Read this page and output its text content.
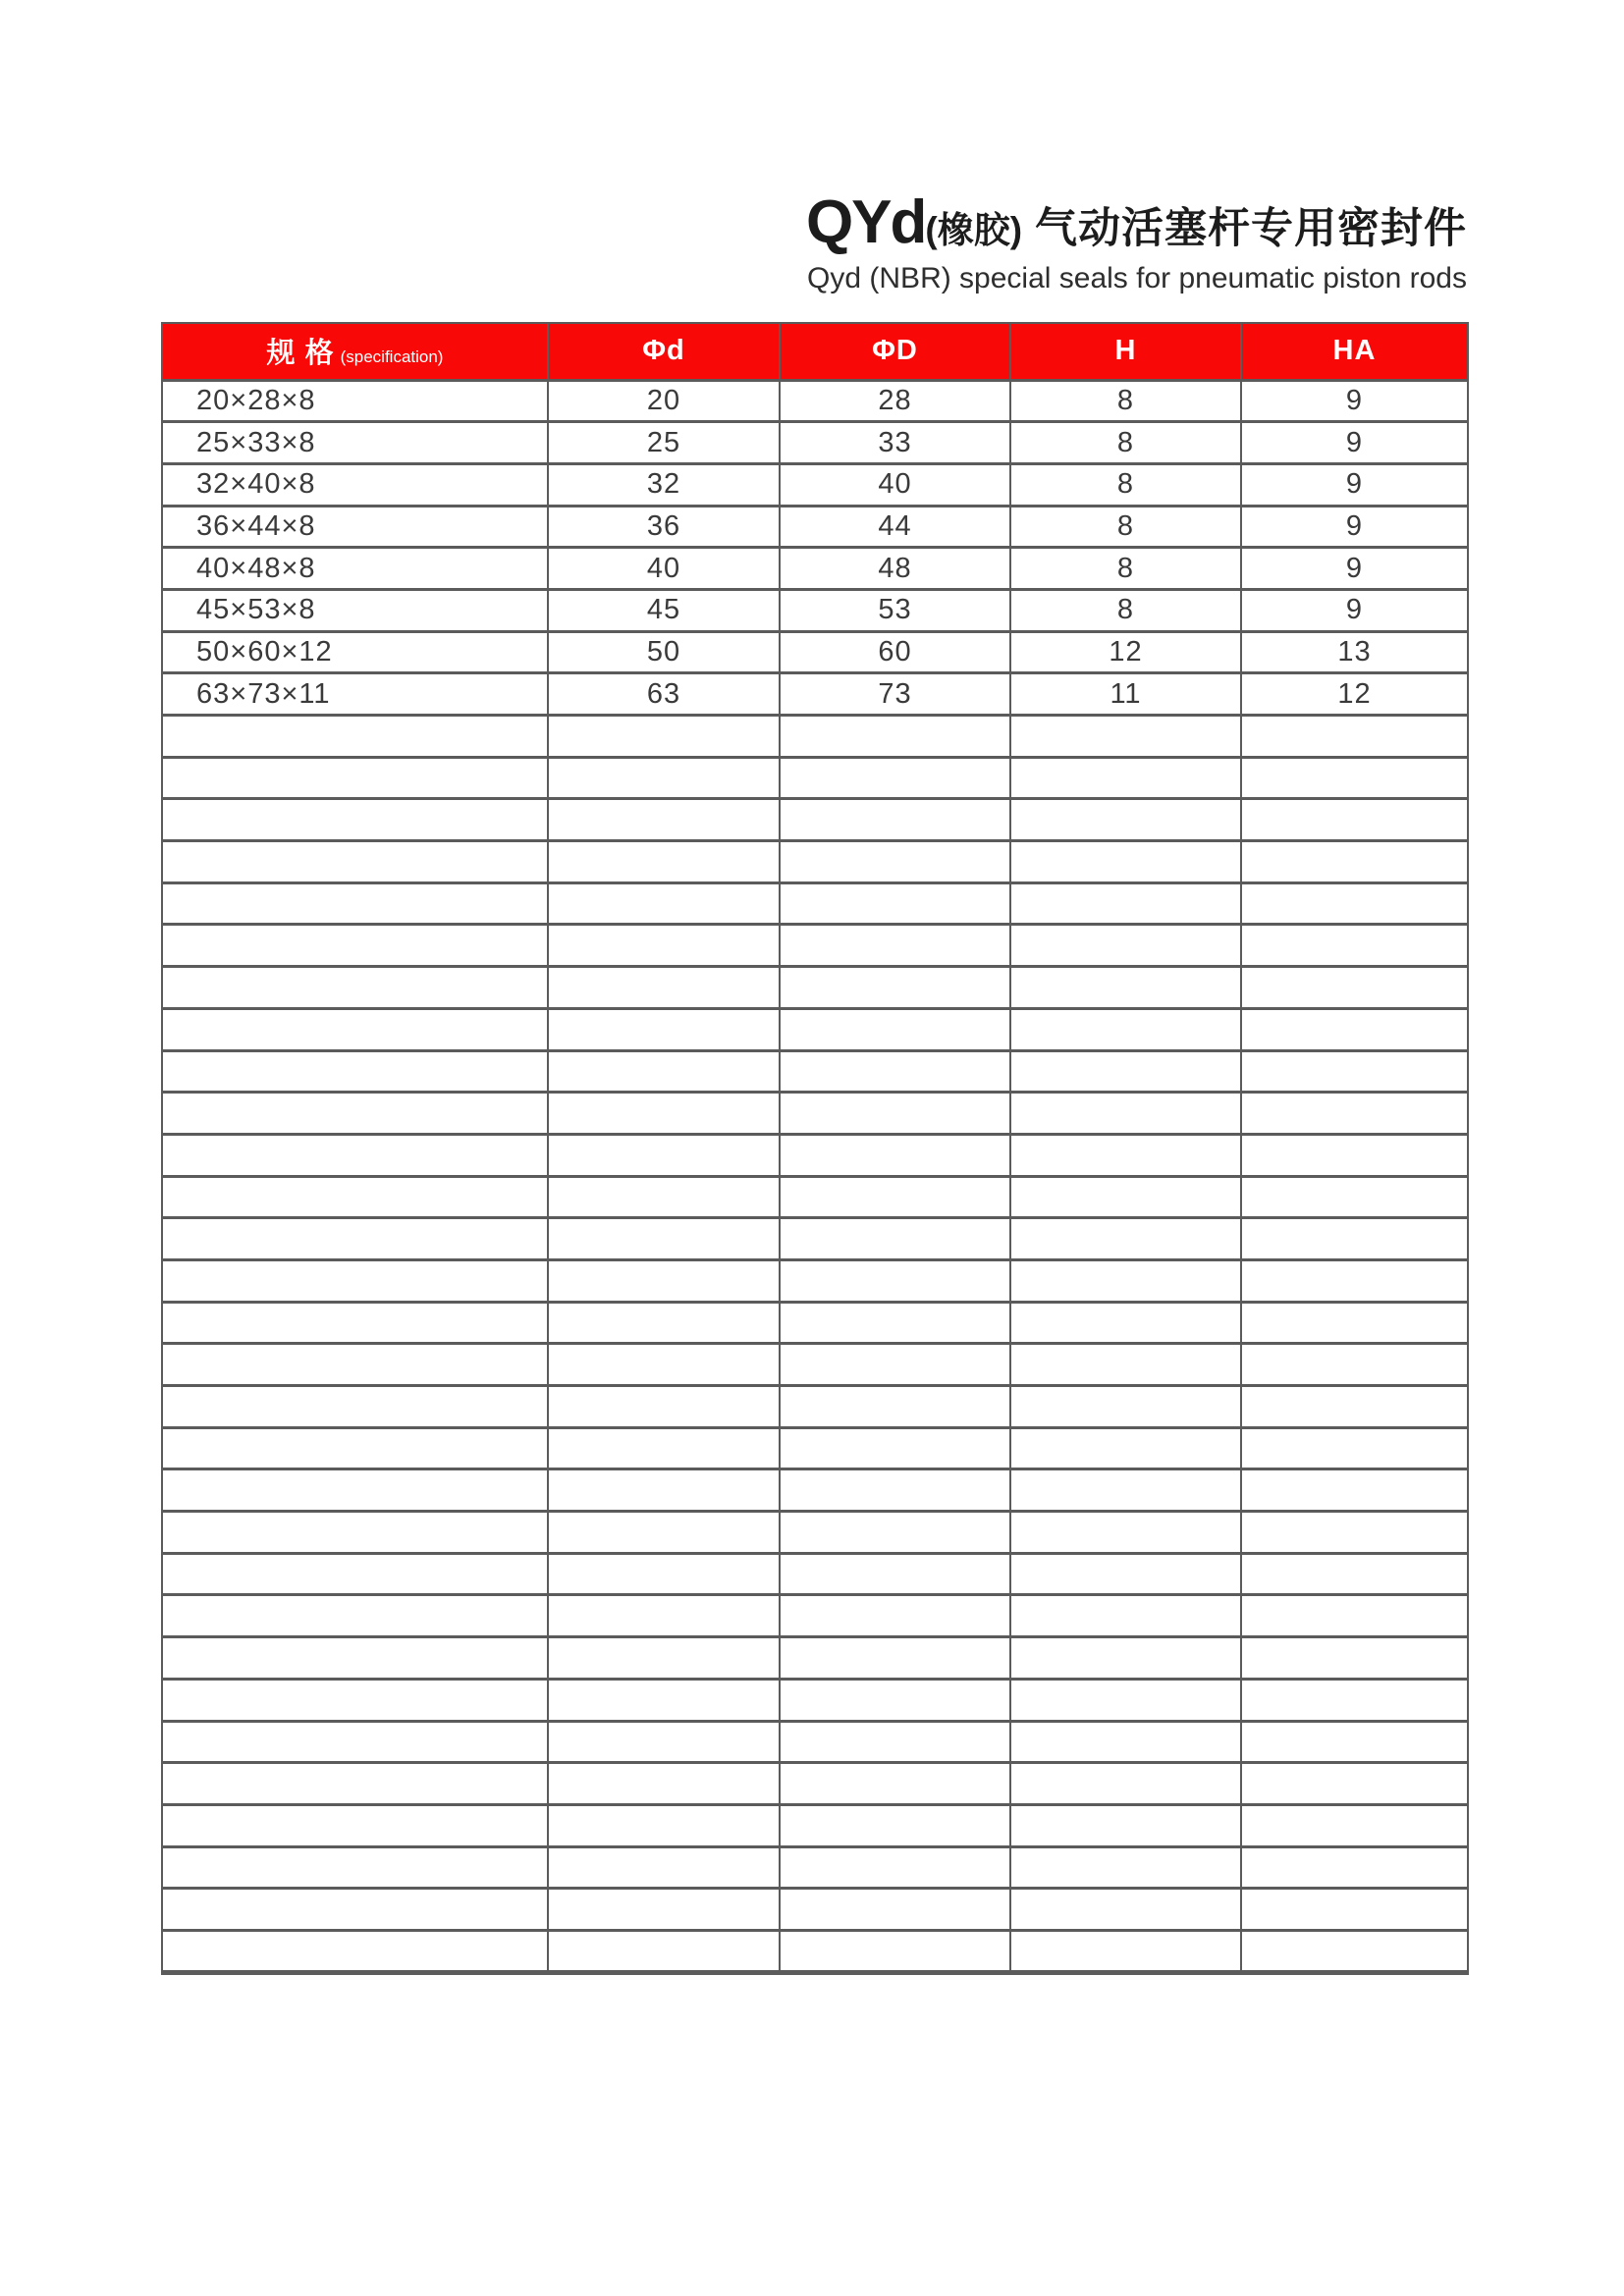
QYd(橡胶) 气动活塞杆专用密封件
Qyd (NBR) special seals for pneumatic piston rods
规 格 (specification)	Φd	ΦD	H	HA
20×28×8	20	28	8	9
25×33×8	25	33	8	9
32×40×8	32	40	8	9
36×44×8	36	44	8	9
40×48×8	40	48	8	9
45×53×8	45	53	8	9
50×60×12	50	60	12	13
63×73×11	63	73	11	12
